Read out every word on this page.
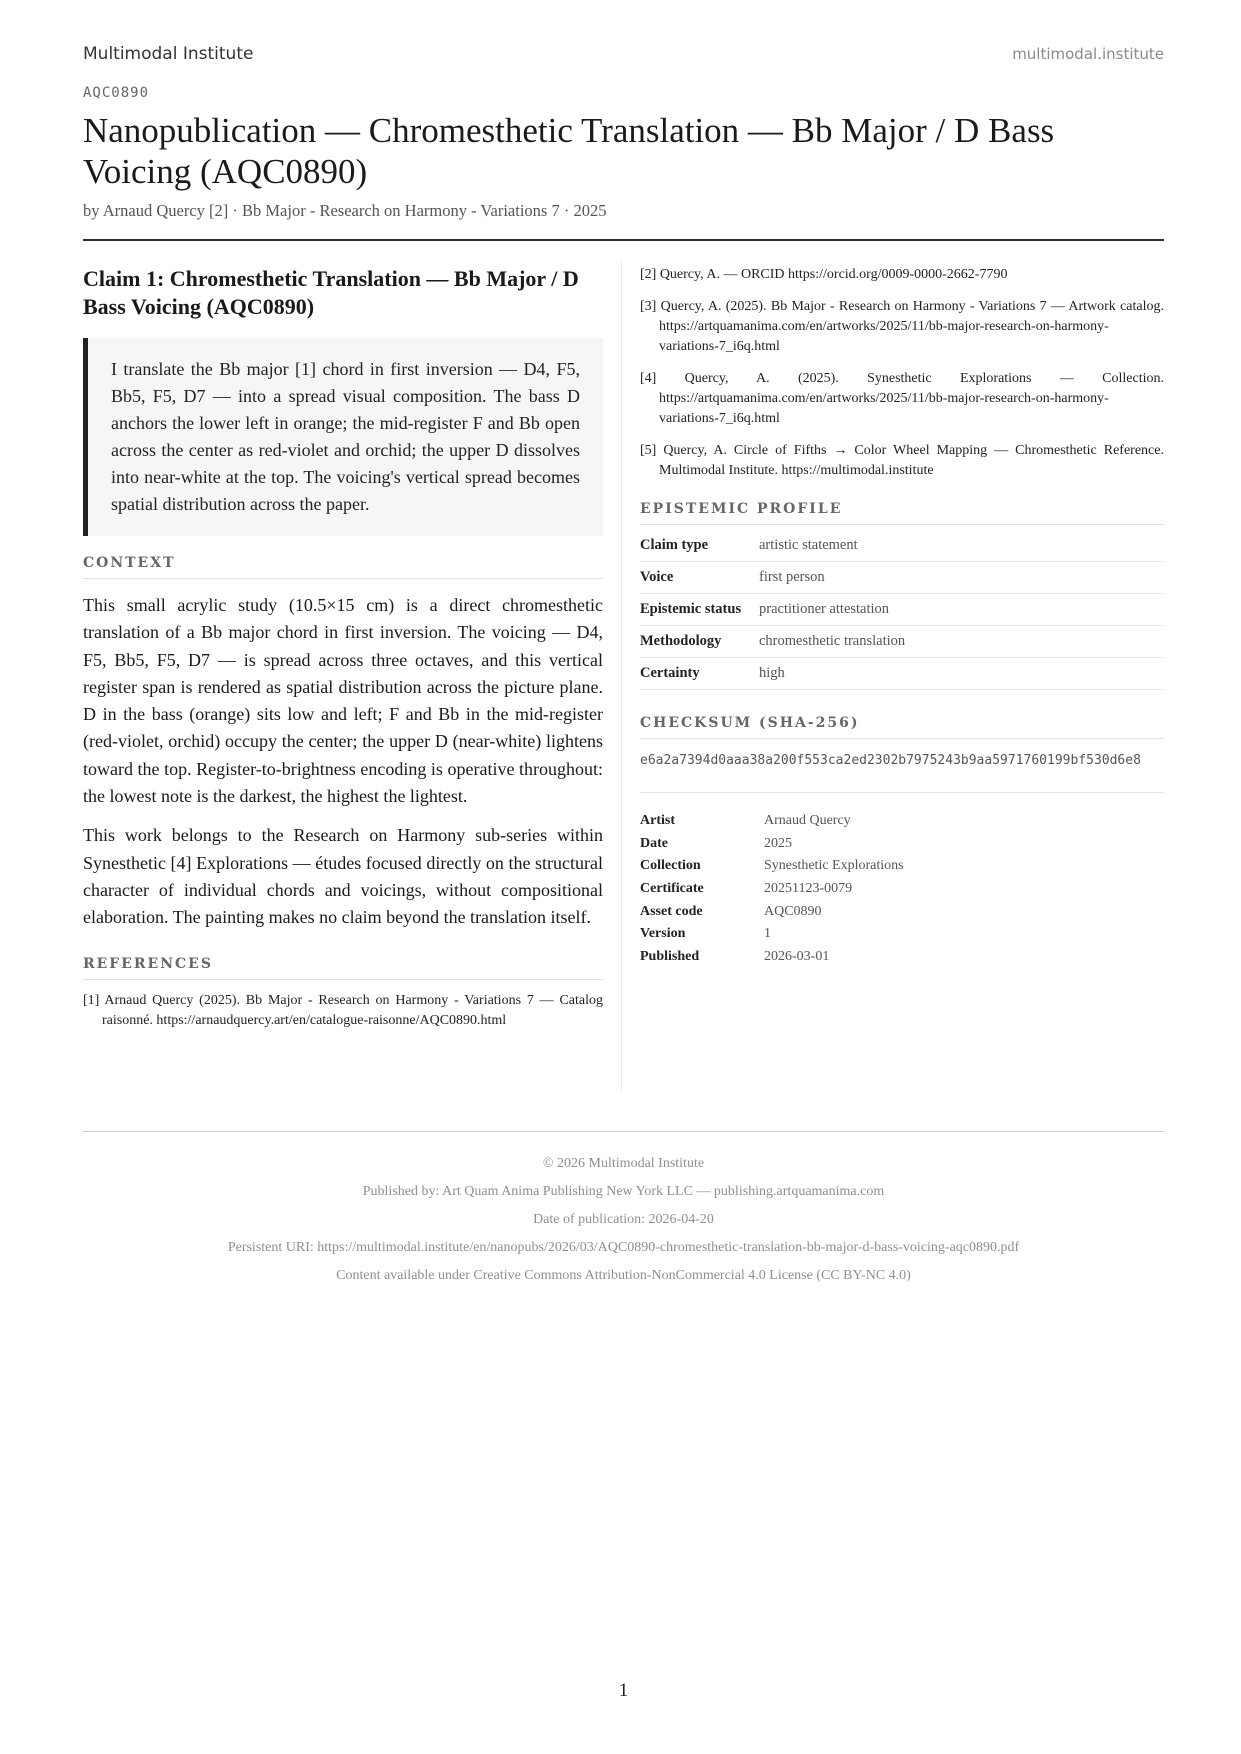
Multimodal Institute	multimodal.institute
AQC0890
Nanopublication — Chromesthetic Translation — Bb Major / D Bass Voicing (AQC0890)
by Arnaud Quercy [2] · Bb Major - Research on Harmony - Variations 7 · 2025
Claim 1: Chromesthetic Translation — Bb Major / D Bass Voicing (AQC0890)
I translate the Bb major [1] chord in first inversion — D4, F5, Bb5, F5, D7 — into a spread visual composition. The bass D anchors the lower left in orange; the mid-register F and Bb open across the center as red-violet and orchid; the upper D dissolves into near-white at the top. The voicing's vertical spread becomes spatial distribution across the paper.
CONTEXT

This small acrylic study (10.5×15 cm) is a direct chromesthetic translation of a Bb major chord in first inversion. The voicing — D4, F5, Bb5, F5, D7 — is spread across three octaves, and this vertical register span is rendered as spatial distribution across the picture plane. D in the bass (orange) sits low and left; F and Bb in the mid-register (red-violet, orchid) occupy the center; the upper D (near-white) lightens toward the top. Register-to-brightness encoding is operative throughout: the lowest note is the darkest, the highest the lightest.

This work belongs to the Research on Harmony sub-series within Synesthetic [4] Explorations — études focused directly on the structural character of individual chords and voicings, without compositional elaboration. The painting makes no claim beyond the translation itself.

REFERENCES
[1] Arnaud Quercy (2025). Bb Major - Research on Harmony - Variations 7 — Catalog raisonné. https://arnaudquercy.art/en/catalogue-raisonne/AQC0890.html
[2] Quercy, A. — ORCID https://orcid.org/0009-0000-2662-7790
[3] Quercy, A. (2025). Bb Major - Research on Harmony - Variations 7 — Artwork catalog. https://artquamanima.com/en/artworks/2025/11/bb-major-research-on-harmony-variations-7_i6q.html
[4] Quercy, A. (2025). Synesthetic Explorations — Collection. https://artquamanima.com/en/artworks/2025/11/bb-major-research-on-harmony-variations-7_i6q.html
[5] Quercy, A. Circle of Fifths → Color Wheel Mapping — Chromesthetic Reference. Multimodal Institute. https://multimodal.institute
EPISTEMIC PROFILE
Claim type	artistic statement
Voice	first person
Epistemic status	practitioner attestation
Methodology	chromesthetic translation
Certainty	high
CHECKSUM (SHA-256)
e6a2a7394d0aaa38a200f553ca2ed2302b7975243b9aa5971760199bf530d6e8
Artist	Arnaud Quercy
Date	2025
Collection	Synesthetic Explorations
Certificate	20251123-0079
Asset code	AQC0890
Version	1
Published	2026-03-01
© 2026 Multimodal Institute
Published by: Art Quam Anima Publishing New York LLC — publishing.artquamanima.com
Date of publication: 2026-04-20
Persistent URI: https://multimodal.institute/en/nanopubs/2026/03/AQC0890-chromesthetic-translation-bb-major-d-bass-voicing-aqc0890.pdf
Content available under Creative Commons Attribution-NonCommercial 4.0 License (CC BY-NC 4.0)
1
